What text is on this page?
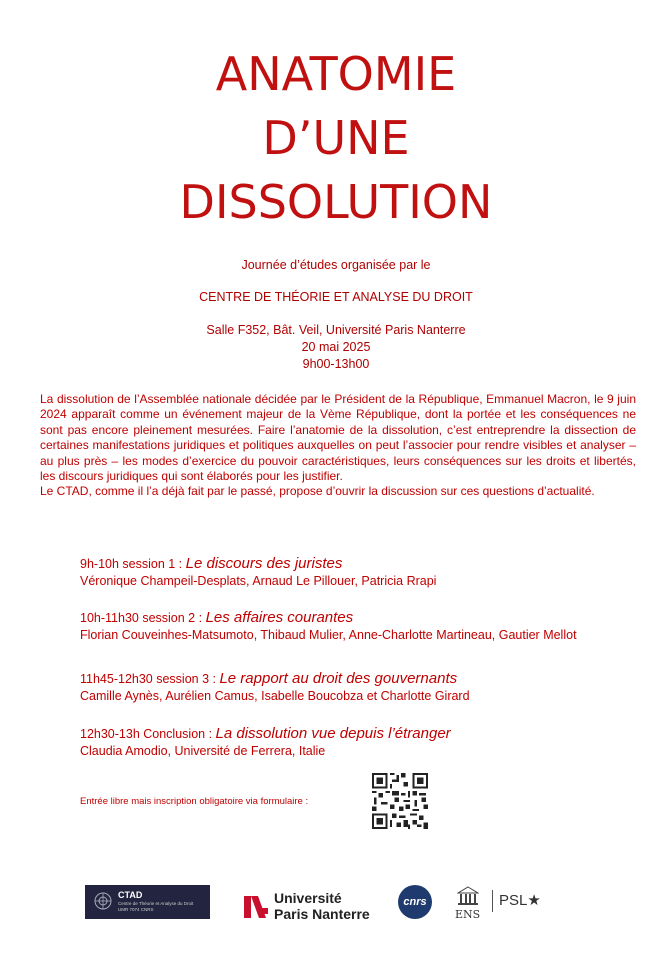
ANATOMIE
D’UNE
DISSOLUTION
Journée d’études organisée par le
CENTRE DE THÉORIE ET ANALYSE DU DROIT
Salle F352, Bât. Veil, Université Paris Nanterre
20 mai 2025
9h00-13h00

La dissolution de l’Assemblée nationale décidée par le Président de la République, Emmanuel Macron, le 9 juin 2024 apparaît comme un événement majeur de la Vème République, dont la portée et les conséquences ne sont pas encore pleinement mesurées. Faire l’anatomie de la dissolution, c’est entreprendre la dissection de certaines manifestations juridiques et politiques auxquelles on peut l’associer pour rendre visibles et analyser – au plus près – les modes d’exercice du pouvoir caractéristiques, leurs conséquences sur les droits et libertés, les discours juridiques qui sont élaborés pour les justifier.

Le CTAD, comme il l’a déjà fait par le passé, propose d’ouvrir la discussion sur ces questions d’actualité.

9h-10h session 1 : Le discours des juristes
Véronique Champeil-Desplats, Arnaud Le Pillouer, Patricia Rrapi
10h-11h30 session 2 : Les affaires courantes
Florian Couveinhes-Matsumoto, Thibaud Mulier, Anne-Charlotte Martineau, Gautier Mellot
11h45-12h30 session 3 : Le rapport au droit des gouvernants
Camille Aynès, Aurélien Camus, Isabelle Boucobza et Charlotte Girard
12h30-13h Conclusion : La dissolution vue depuis l’étranger
Claudia Amodio, Université de Ferrera, Italie
Entrée libre mais inscription obligatoire via formulaire :
CTAD
Centre de Théorie et Analyse du Droit
UMR 7074 CNRS
Université
Paris Nanterre
cnrs
ENS
PSL★
